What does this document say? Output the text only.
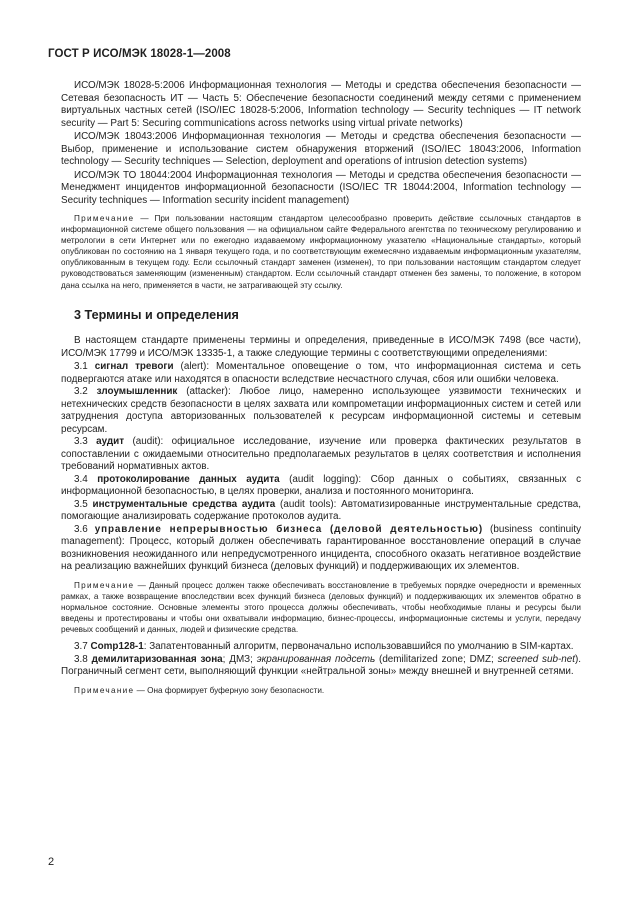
ГОСТ Р ИСО/МЭК 18028-1—2008

ИСО/МЭК 18028-5:2006 Информационная технология — Методы и средства обеспечения безопасности — Сетевая безопасность ИТ — Часть 5: Обеспечение безопасности соединений между сетями с применением виртуальных частных сетей (ISO/IEC 18028-5:2006, Information technology — Security techniques — IT network security — Part 5: Securing communications across networks using virtual private networks)

ИСО/МЭК 18043:2006 Информационная технология — Методы и средства обеспечения безопасности — Выбор, применение и использование систем обнаружения вторжений (ISO/IEC 18043:2006, Information technology — Security techniques — Selection, deployment and operations of intrusion detection systems)

ИСО/МЭК ТО 18044:2004 Информационная технология — Методы и средства обеспечения безопасности — Менеджмент инцидентов информационной безопасности (ISO/IEC TR 18044:2004, Information technology — Security techniques — Information security incident management)

Примечание — При пользовании настоящим стандартом целесообразно проверить действие ссылочных стандартов в информационной системе общего пользования — на официальном сайте Федерального агентства по техническому регулированию и метрологии в сети Интернет или по ежегодно издаваемому информационному указателю «Национальные стандарты», который опубликован по состоянию на 1 января текущего года, и по соответствующим ежемесячно издаваемым информационным указателям, опубликованным в текущем году. Если ссылочный стандарт заменен (изменен), то при пользовании настоящим стандартом следует руководствоваться заменяющим (измененным) стандартом. Если ссылочный стандарт отменен без замены, то положение, в котором дана ссылка на него, применяется в части, не затрагивающей эту ссылку.

3 Термины и определения

В настоящем стандарте применены термины и определения, приведенные в ИСО/МЭК 7498 (все части), ИСО/МЭК 17799 и ИСО/МЭК 13335-1, а также следующие термины с соответствующими определениями:

3.1 сигнал тревоги (alert): Моментальное оповещение о том, что информационная система и сеть подвергаются атаке или находятся в опасности вследствие несчастного случая, сбоя или ошибки человека.

3.2 злоумышленник (attacker): Любое лицо, намеренно использующее уязвимости технических и нетехнических средств безопасности в целях захвата или компрометации информационных систем и сетей или затруднения доступа авторизованных пользователей к ресурсам информационной системы и сетевым ресурсам.

3.3 аудит (audit): официальное исследование, изучение или проверка фактических результатов в сопоставлении с ожидаемыми относительно предполагаемых результатов в целях соответствия и исполнения требований нормативных актов.

3.4 протоколирование данных аудита (audit logging): Сбор данных о событиях, связанных с информационной безопасностью, в целях проверки, анализа и постоянного мониторинга.

3.5 инструментальные средства аудита (audit tools): Автоматизированные инструментальные средства, помогающие анализировать содержание протоколов аудита.

3.6 управление непрерывностью бизнеса (деловой деятельностью) (business continuity management): Процесс, который должен обеспечивать гарантированное восстановление операций в случае возникновения неожиданного или непредусмотренного инцидента, способного оказать негативное воздействие на реализацию важнейших функций бизнеса (деловых функций) и поддерживающих их элементов.

Примечание — Данный процесс должен также обеспечивать восстановление в требуемых порядке очередности и временных рамках, а также возвращение впоследствии всех функций бизнеса (деловых функций) и поддерживающих их элементов обратно в нормальное состояние. Основные элементы этого процесса должны обеспечивать, чтобы необходимые планы и ресурсы были введены и протестированы и чтобы они охватывали информацию, бизнес-процессы, информационные системы и услуги, передачу речевых сообщений и данных, людей и физические средства.

3.7 Comp128-1: Запатентованный алгоритм, первоначально использовавшийся по умолчанию в SIM-картах.

3.8 демилитаризованная зона; ДМЗ; экранированная подсеть (demilitarized zone; DMZ; screened sub-net). Пограничный сегмент сети, выполняющий функции «нейтральной зоны» между внешней и внутренней сетями.

Примечание — Она формирует буферную зону безопасности.

2
